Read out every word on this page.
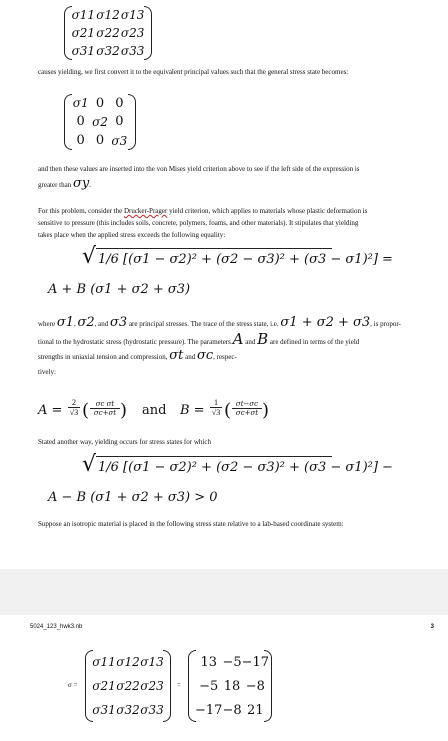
σ11 σ12 σ13
σ21 σ22 σ23
σ31 σ32 σ33
causes yielding, we first convert it to the equivalent principal values such that the general stress state becomes:
σ1 0 0
0 σ2 0
0 0 σ3
and then these values are inserted into the von Mises yield criterion above to see if the left side of the expression is
greater than σy.
For this problem, consider the Drucker-Prager yield criterion, which applies to materials whose plastic deformation is
sensitive to pressure (this includes soils, concrete, polymers, foams, and other materials). It stipulates that yielding
takes place when the applied stress exceeds the following equality:
√ 1/6 [(σ1 − σ2)² + (σ2 − σ3)² + (σ3 − σ1)²] =
A + B (σ1 + σ2 + σ3)
where σ1, σ2, and σ3 are principal stresses. The trace of the stress state, i.e. σ1 + σ2 + σ3, is propor-
tional to the hydrostatic stress (hydrostatic pressure). The parameters A and B are defined in terms of the yield
strengths in uniaxial tension and compression, σt and σc, respec-
tively:
$A = \frac{2}{√3}$ ( $\frac{\text{σc σt}}{\sigma c+\sigma t}$ ) and $B = \frac{1}{√3}$ ( $\frac{\sigma t-\sigma c}{\sigma c+\sigma t}$ )
Stated another way, yielding occurs for stress states for which
√ 1/6 [(σ1 − σ2)² + (σ2 − σ3)² + (σ3 − σ1)²] −
A − B (σ1 + σ2 + σ3) > 0
Suppose an isotropic material is placed in the following stress state relative to a lab-based coordinate system:
5024_123_hwk3.nb	3
σ =
σ11 σ12 σ13
σ21 σ22 σ23
σ31 σ32 σ33
=
13 −5 −17
−5 18 −8
−17 −8 21
